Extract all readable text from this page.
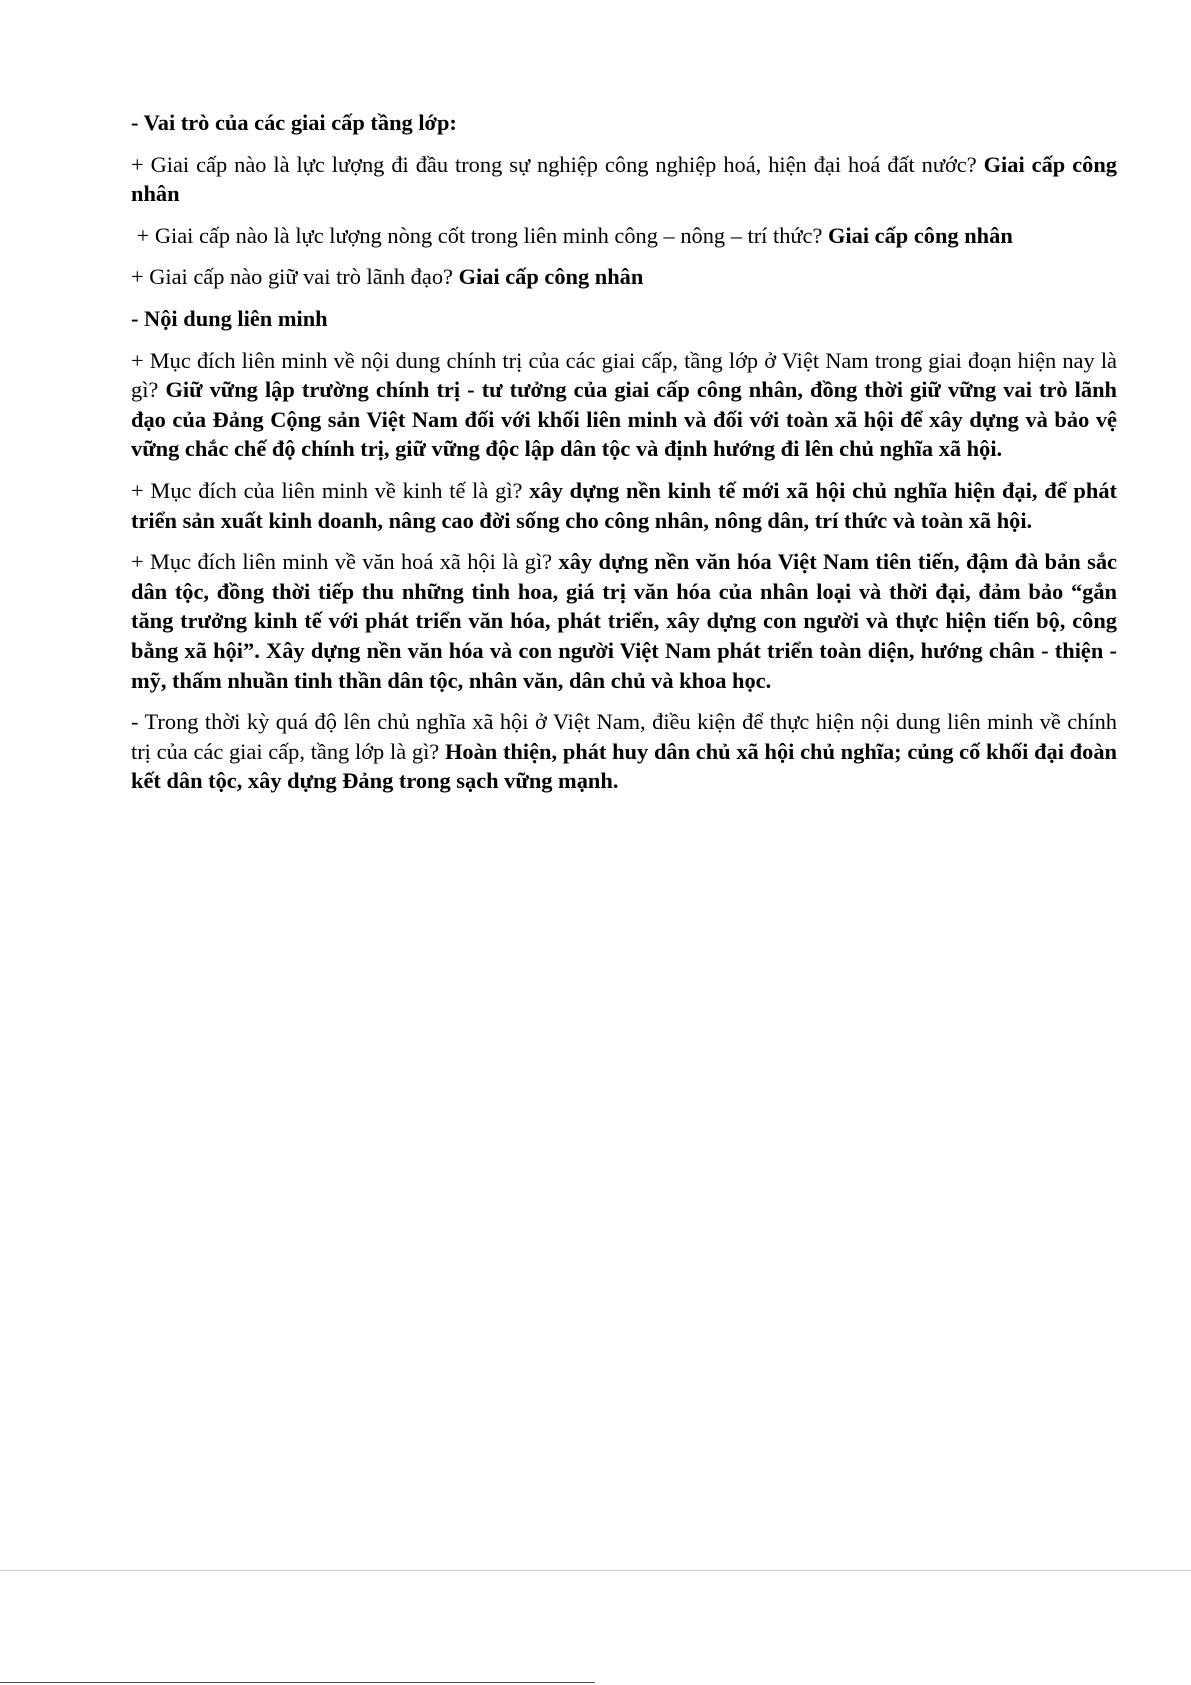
- Vai trò của các giai cấp tầng lớp:

+ Giai cấp nào là lực lượng đi đầu trong sự nghiệp công nghiệp hoá, hiện đại hoá đất nước? Giai cấp công nhân

+ Giai cấp nào là lực lượng nòng cốt trong liên minh công – nông – trí thức? Giai cấp công nhân

+ Giai cấp nào giữ vai trò lãnh đạo? Giai cấp công nhân

- Nội dung liên minh

+ Mục đích liên minh về nội dung chính trị của các giai cấp, tầng lớp ở Việt Nam trong giai đoạn hiện nay là gì? Giữ vững lập trường chính trị - tư tưởng của giai cấp công nhân, đồng thời giữ vững vai trò lãnh đạo của Đảng Cộng sản Việt Nam đối với khối liên minh và đối với toàn xã hội để xây dựng và bảo vệ vững chắc chế độ chính trị, giữ vững độc lập dân tộc và định hướng đi lên chủ nghĩa xã hội.

+ Mục đích của liên minh về kinh tế là gì? xây dựng nền kinh tế mới xã hội chủ nghĩa hiện đại, để phát triển sản xuất kinh doanh, nâng cao đời sống cho công nhân, nông dân, trí thức và toàn xã hội.

+ Mục đích liên minh về văn hoá xã hội là gì? xây dựng nền văn hóa Việt Nam tiên tiến, đậm đà bản sắc dân tộc, đồng thời tiếp thu những tinh hoa, giá trị văn hóa của nhân loại và thời đại, đảm bảo “gắn tăng trưởng kinh tế với phát triển văn hóa, phát triển, xây dựng con người và thực hiện tiến bộ, công bằng xã hội”. Xây dựng nền văn hóa và con người Việt Nam phát triển toàn diện, hướng chân - thiện - mỹ, thấm nhuần tinh thần dân tộc, nhân văn, dân chủ và khoa học.

- Trong thời kỳ quá độ lên chủ nghĩa xã hội ở Việt Nam, điều kiện để thực hiện nội dung liên minh về chính trị của các giai cấp, tầng lớp là gì? Hoàn thiện, phát huy dân chủ xã hội chủ nghĩa; củng cố khối đại đoàn kết dân tộc, xây dựng Đảng trong sạch vững mạnh.
